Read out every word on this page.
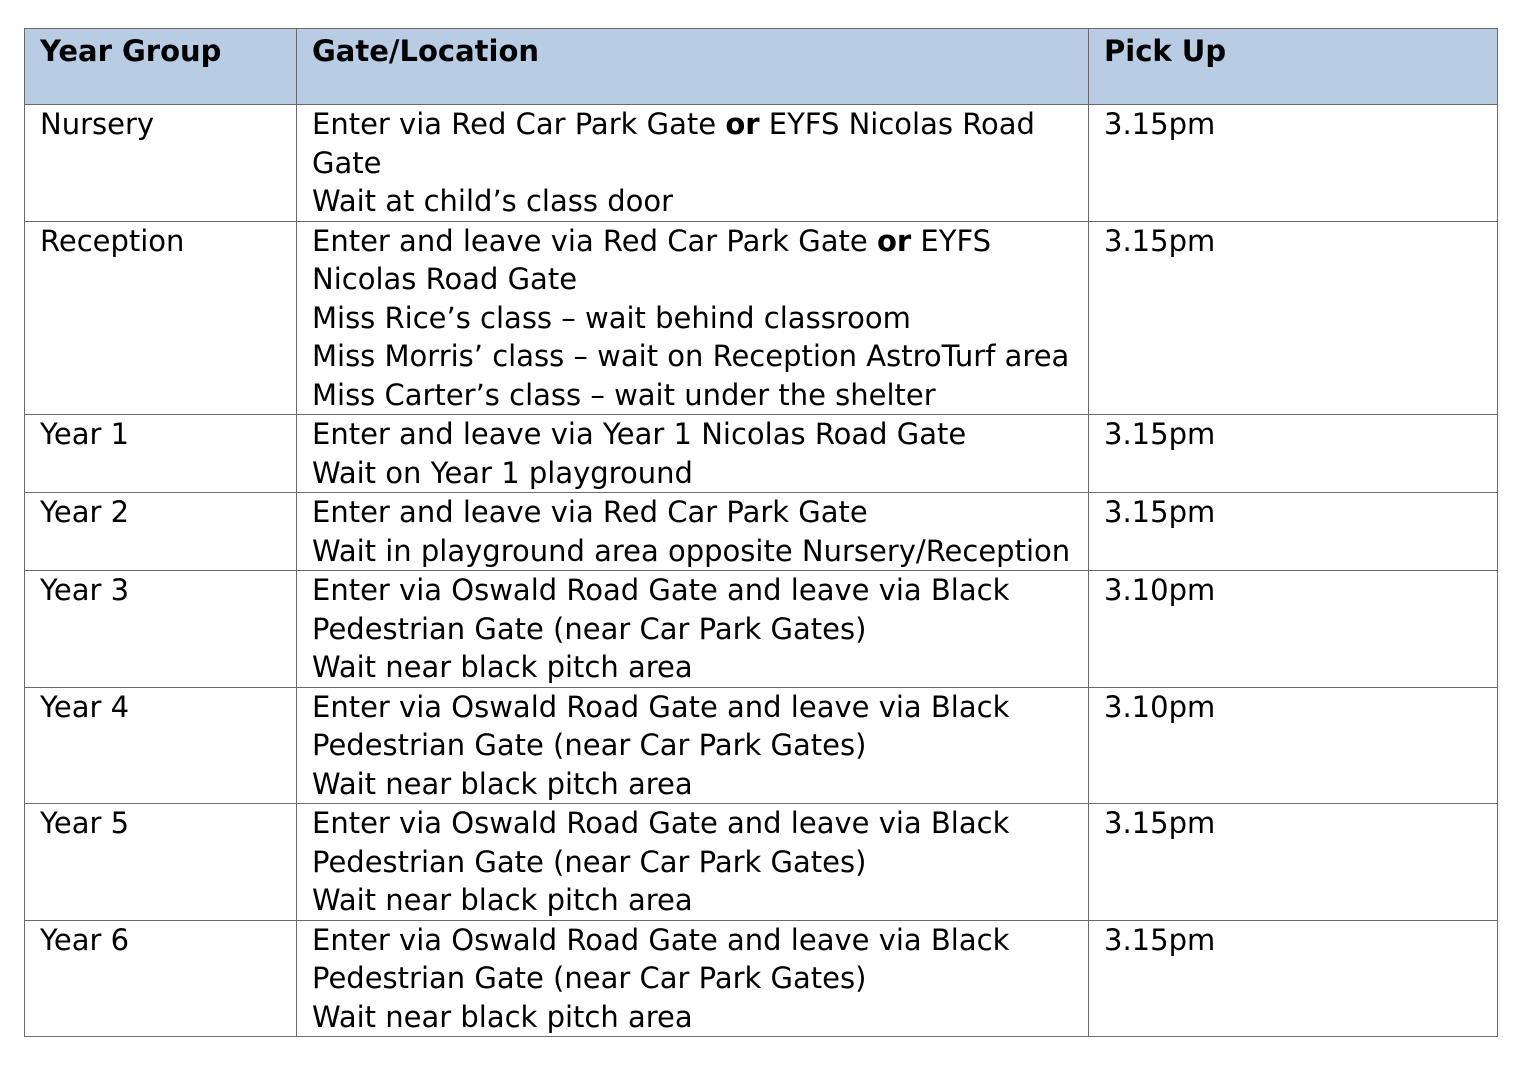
Year Group	Gate/Location	Pick Up
Nursery	Enter via Red Car Park Gate or EYFS Nicolas Road
Gate
Wait at child’s class door	3.15pm
Reception	Enter and leave via Red Car Park Gate or EYFS
Nicolas Road Gate
Miss Rice’s class – wait behind classroom
Miss Morris’ class – wait on Reception AstroTurf area
Miss Carter’s class – wait under the shelter	3.15pm
Year 1	Enter and leave via Year 1 Nicolas Road Gate
Wait on Year 1 playground	3.15pm
Year 2	Enter and leave via Red Car Park Gate
Wait in playground area opposite Nursery/Reception	3.15pm
Year 3	Enter via Oswald Road Gate and leave via Black
Pedestrian Gate (near Car Park Gates)
Wait near black pitch area	3.10pm
Year 4	Enter via Oswald Road Gate and leave via Black
Pedestrian Gate (near Car Park Gates)
Wait near black pitch area	3.10pm
Year 5	Enter via Oswald Road Gate and leave via Black
Pedestrian Gate (near Car Park Gates)
Wait near black pitch area	3.15pm
Year 6	Enter via Oswald Road Gate and leave via Black
Pedestrian Gate (near Car Park Gates)
Wait near black pitch area	3.15pm
